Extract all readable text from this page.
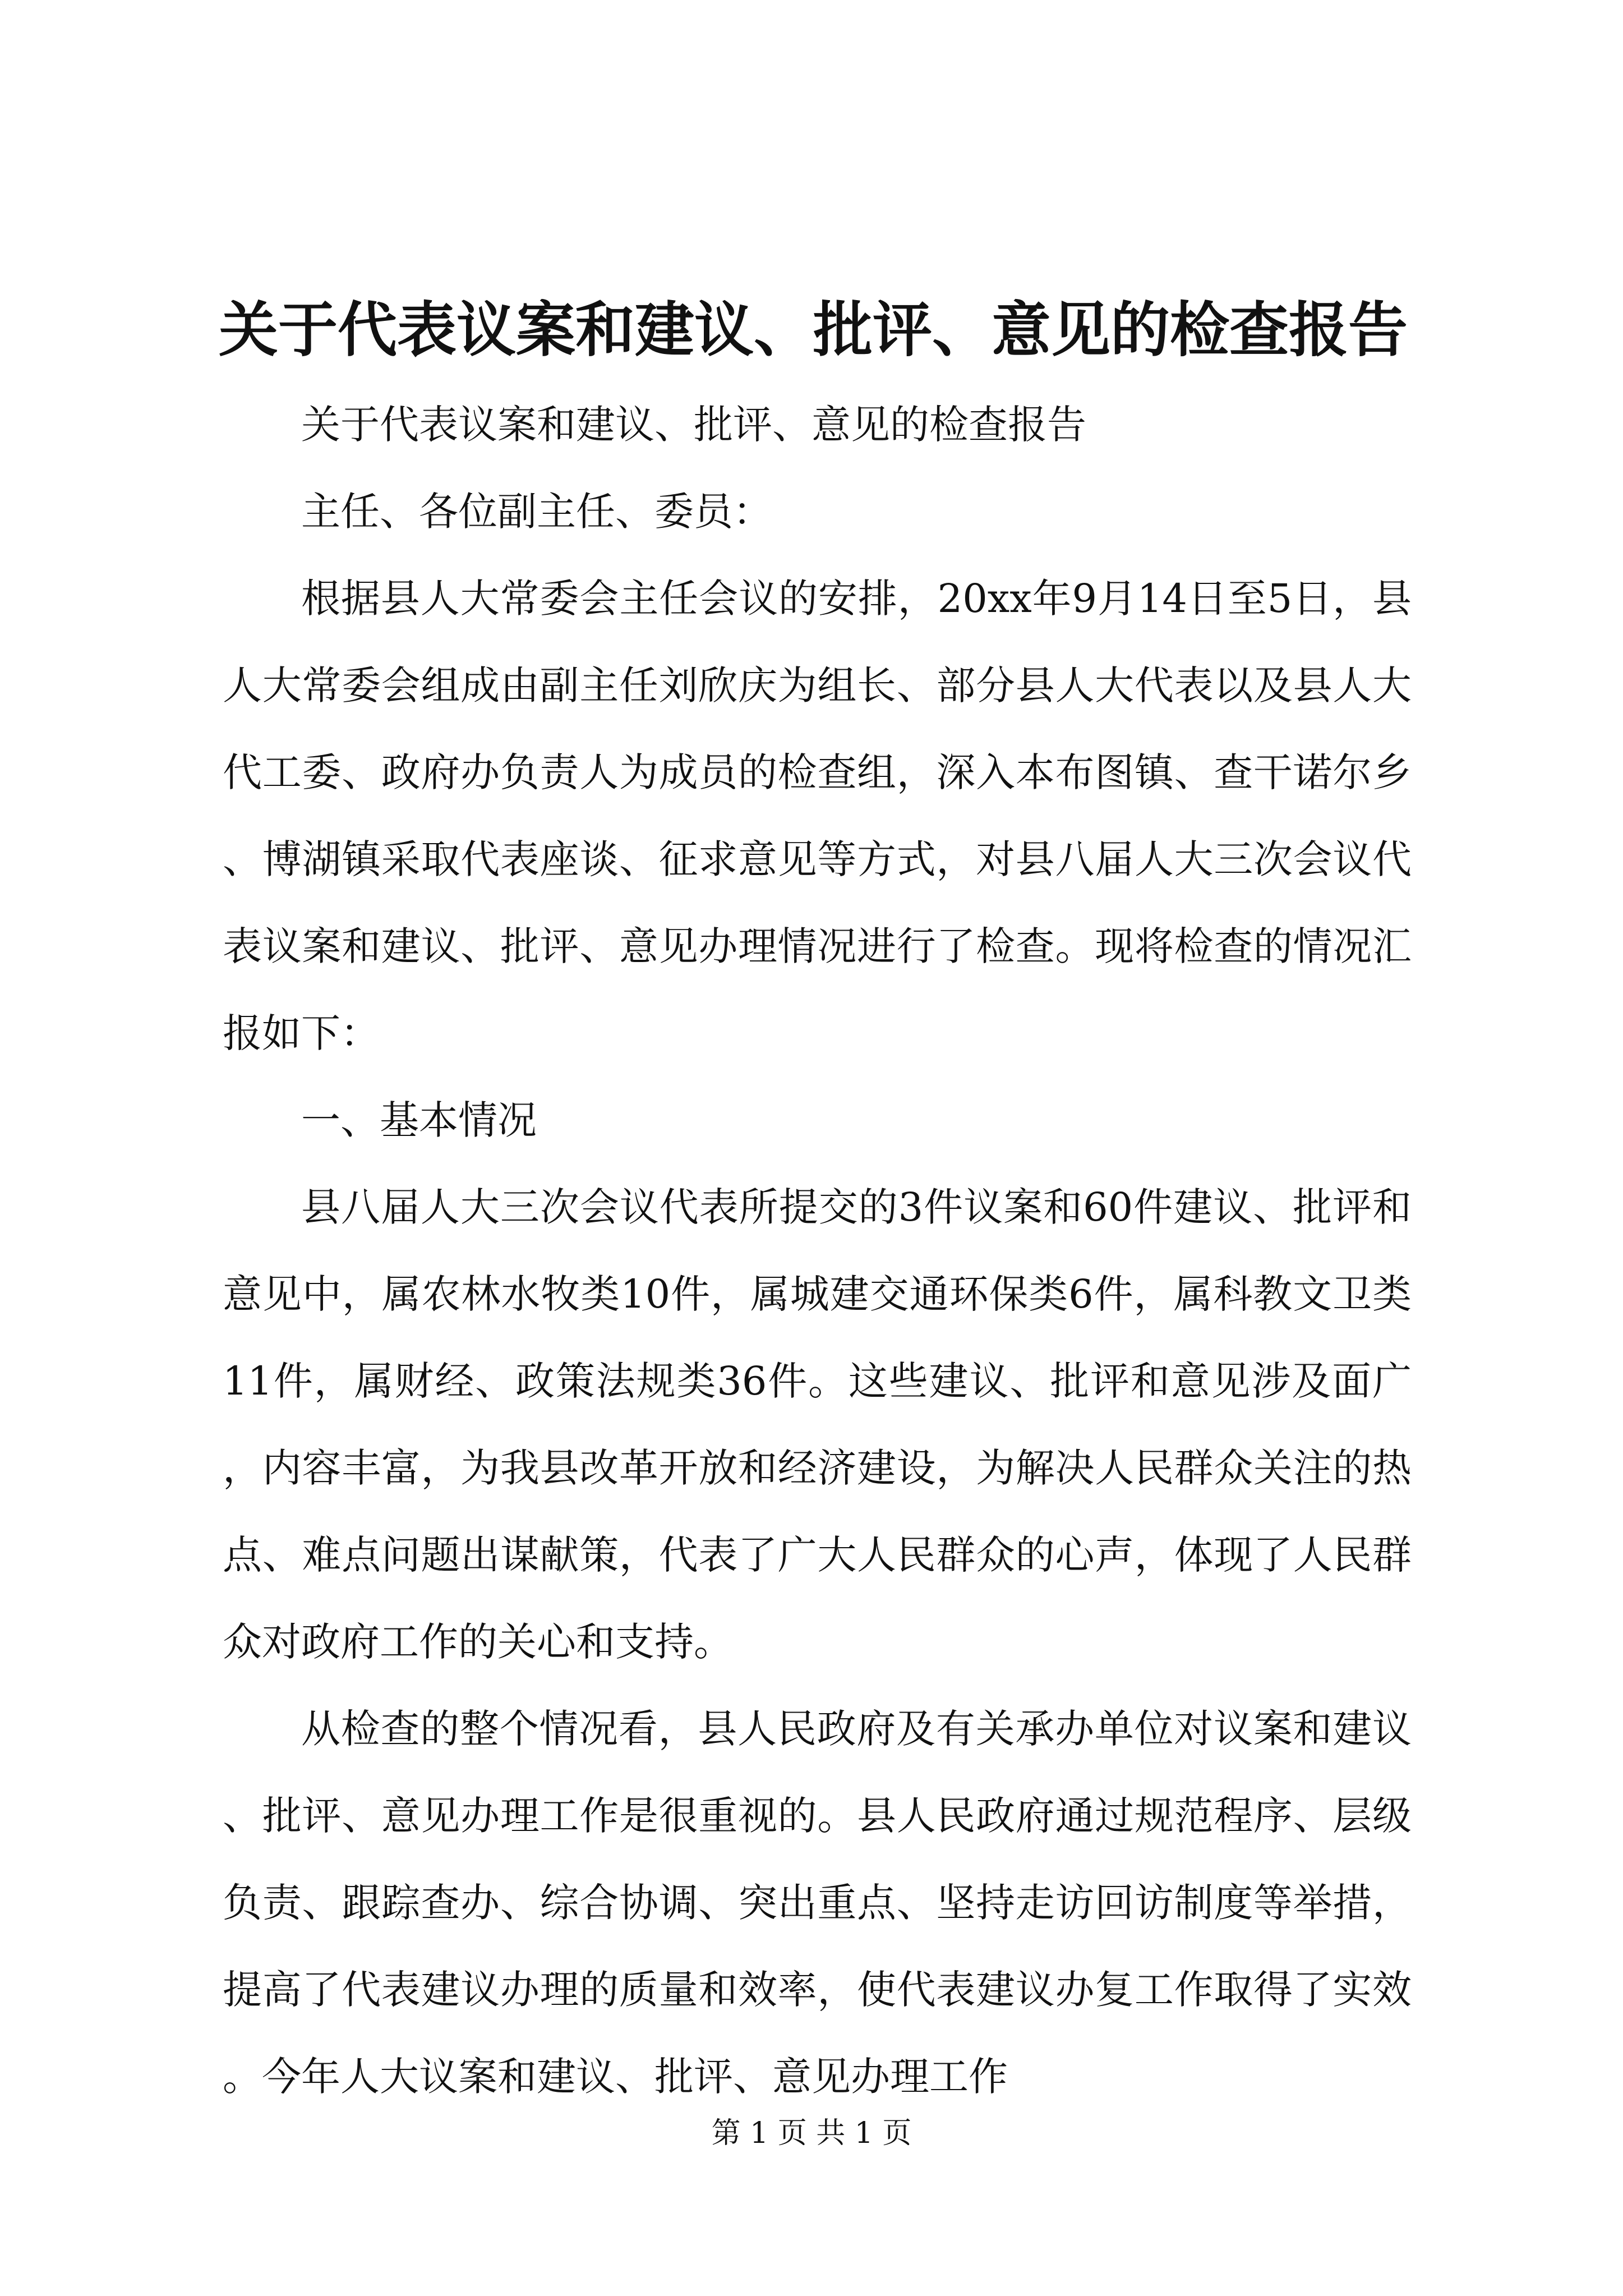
关于代表议案和建议、批评、意见的检查报告

关于代表议案和建议、批评、意见的检查报告

主任、各位副主任、委员：

根据县人大常委会主任会议的安排，20xx年9月14日至5日，县人大常委会组成由副主任刘欣庆为组长、部分县人大代表以及县人大代工委、政府办负责人为成员的检查组，深入本布图镇、查干诺尔乡、博湖镇采取代表座谈、征求意见等方式，对县八届人大三次会议代表议案和建议、批评、意见办理情况进行了检查。现将检查的情况汇报如下：

一、基本情况

县八届人大三次会议代表所提交的3件议案和60件建议、批评和意见中，属农林水牧类10件，属城建交通环保类6件，属科教文卫类11件，属财经、政策法规类36件。这些建议、批评和意见涉及面广，内容丰富，为我县改革开放和经济建设，为解决人民群众关注的热点、难点问题出谋献策，代表了广大人民群众的心声，体现了人民群众对政府工作的关心和支持。

从检查的整个情况看，县人民政府及有关承办单位对议案和建议、批评、意见办理工作是很重视的。县人民政府通过规范程序、层级负责、跟踪查办、综合协调、突出重点、坚持走访回访制度等举措，提高了代表建议办理的质量和效率，使代表建议办复工作取得了实效。今年人大议案和建议、批评、意见办理工作

第 1 页 共 1 页
